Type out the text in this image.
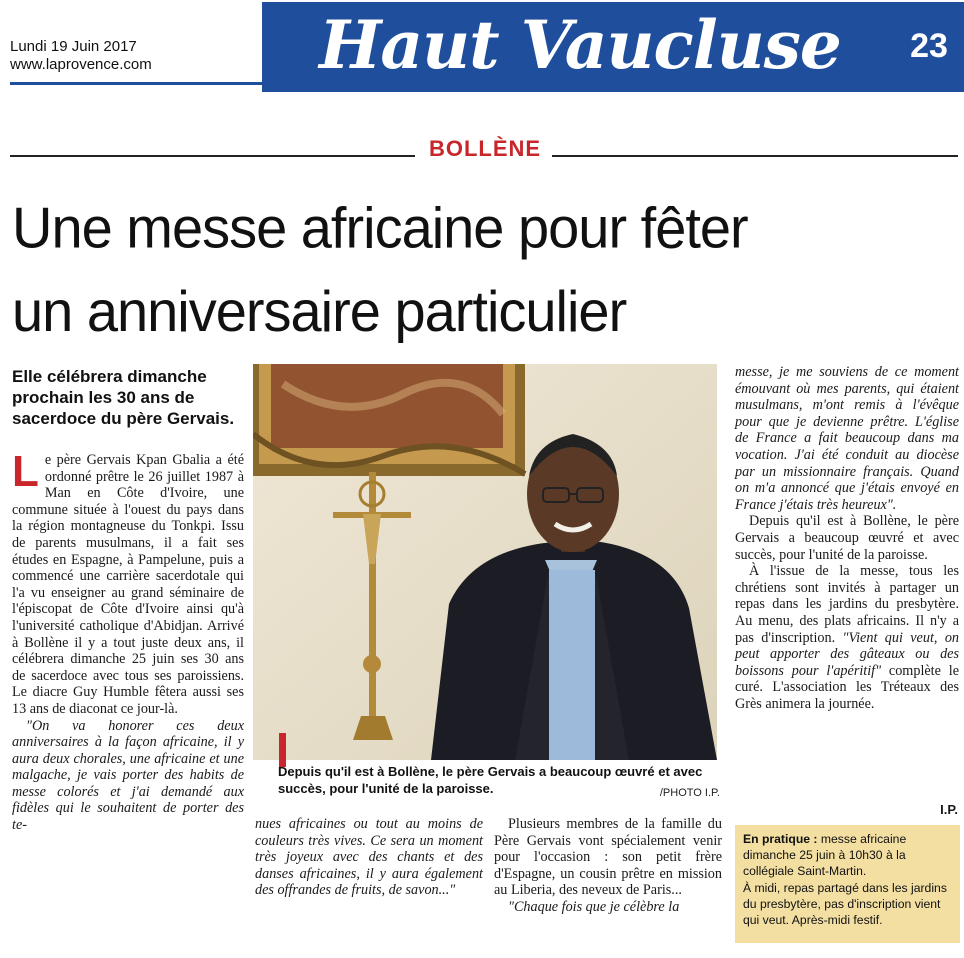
Haut Vaucluse	23
Lundi 19 Juin 2017
www.laprovence.com
BOLLÈNE
Une messe africaine pour fêter
un anniversaire particulier
Elle célébrera dimanche prochain les 30 ans de sacerdoce du père Gervais.

Le père Gervais Kpan Gbalia a été ordonné prêtre le 26 juillet 1987 à Man en Côte d'Ivoire, une commune située à l'ouest du pays dans la région montagneuse du Tonkpi. Issu de parents musulmans, il a fait ses études en Espagne, à Pampelune, puis a commencé une carrière sacerdotale qui l'a vu enseigner au grand séminaire de l'épiscopat de Côte d'Ivoire ainsi qu'à l'université catholique d'Abidjan. Arrivé à Bollène il y a tout juste deux ans, il célébrera dimanche 25 juin ses 30 ans de sacerdoce avec tous ses paroissiens. Le diacre Guy Humble fêtera aussi ses 13 ans de diaconat ce jour-là.

"On va honorer ces deux anniversaires à la façon africaine, il y aura deux chorales, une africaine et une malgache, je vais porter des habits de messe colorés et j'ai demandé aux fidèles qui le souhaitent de porter des te-

Depuis qu'il est à Bollène, le père Gervais a beaucoup œuvré et avec succès, pour l'unité de la paroisse.	/PHOTO I.P.

nues africaines ou tout au moins de couleurs très vives. Ce sera un moment très joyeux avec des chants et des danses africaines, il y aura également des offrandes de fruits, de savon..."

Plusieurs membres de la famille du Père Gervais vont spécialement venir pour l'occasion : son petit frère d'Espagne, un cousin prêtre en mission au Liberia, des neveux de Paris...

"Chaque fois que je célèbre la

messe, je me souviens de ce moment émouvant où mes parents, qui étaient musulmans, m'ont remis à l'évêque pour que je devienne prêtre. L'église de France a fait beaucoup dans ma vocation. J'ai été conduit au diocèse par un missionnaire français. Quand on m'a annoncé que j'étais envoyé en France j'étais très heureux".

Depuis qu'il est à Bollène, le père Gervais a beaucoup œuvré et avec succès, pour l'unité de la paroisse.

À l'issue de la messe, tous les chrétiens sont invités à partager un repas dans les jardins du presbytère. Au menu, des plats africains. Il n'y a pas d'inscription. "Vient qui veut, on peut apporter des gâteaux ou des boissons pour l'apéritif" complète le curé. L'association les Tréteaux des Grès animera la journée.

I.P.
En pratique : messe africaine dimanche 25 juin à 10h30 à la collégiale Saint-Martin.
À midi, repas partagé dans les jardins du presbytère, pas d'inscription vient qui veut. Après-midi festif.
